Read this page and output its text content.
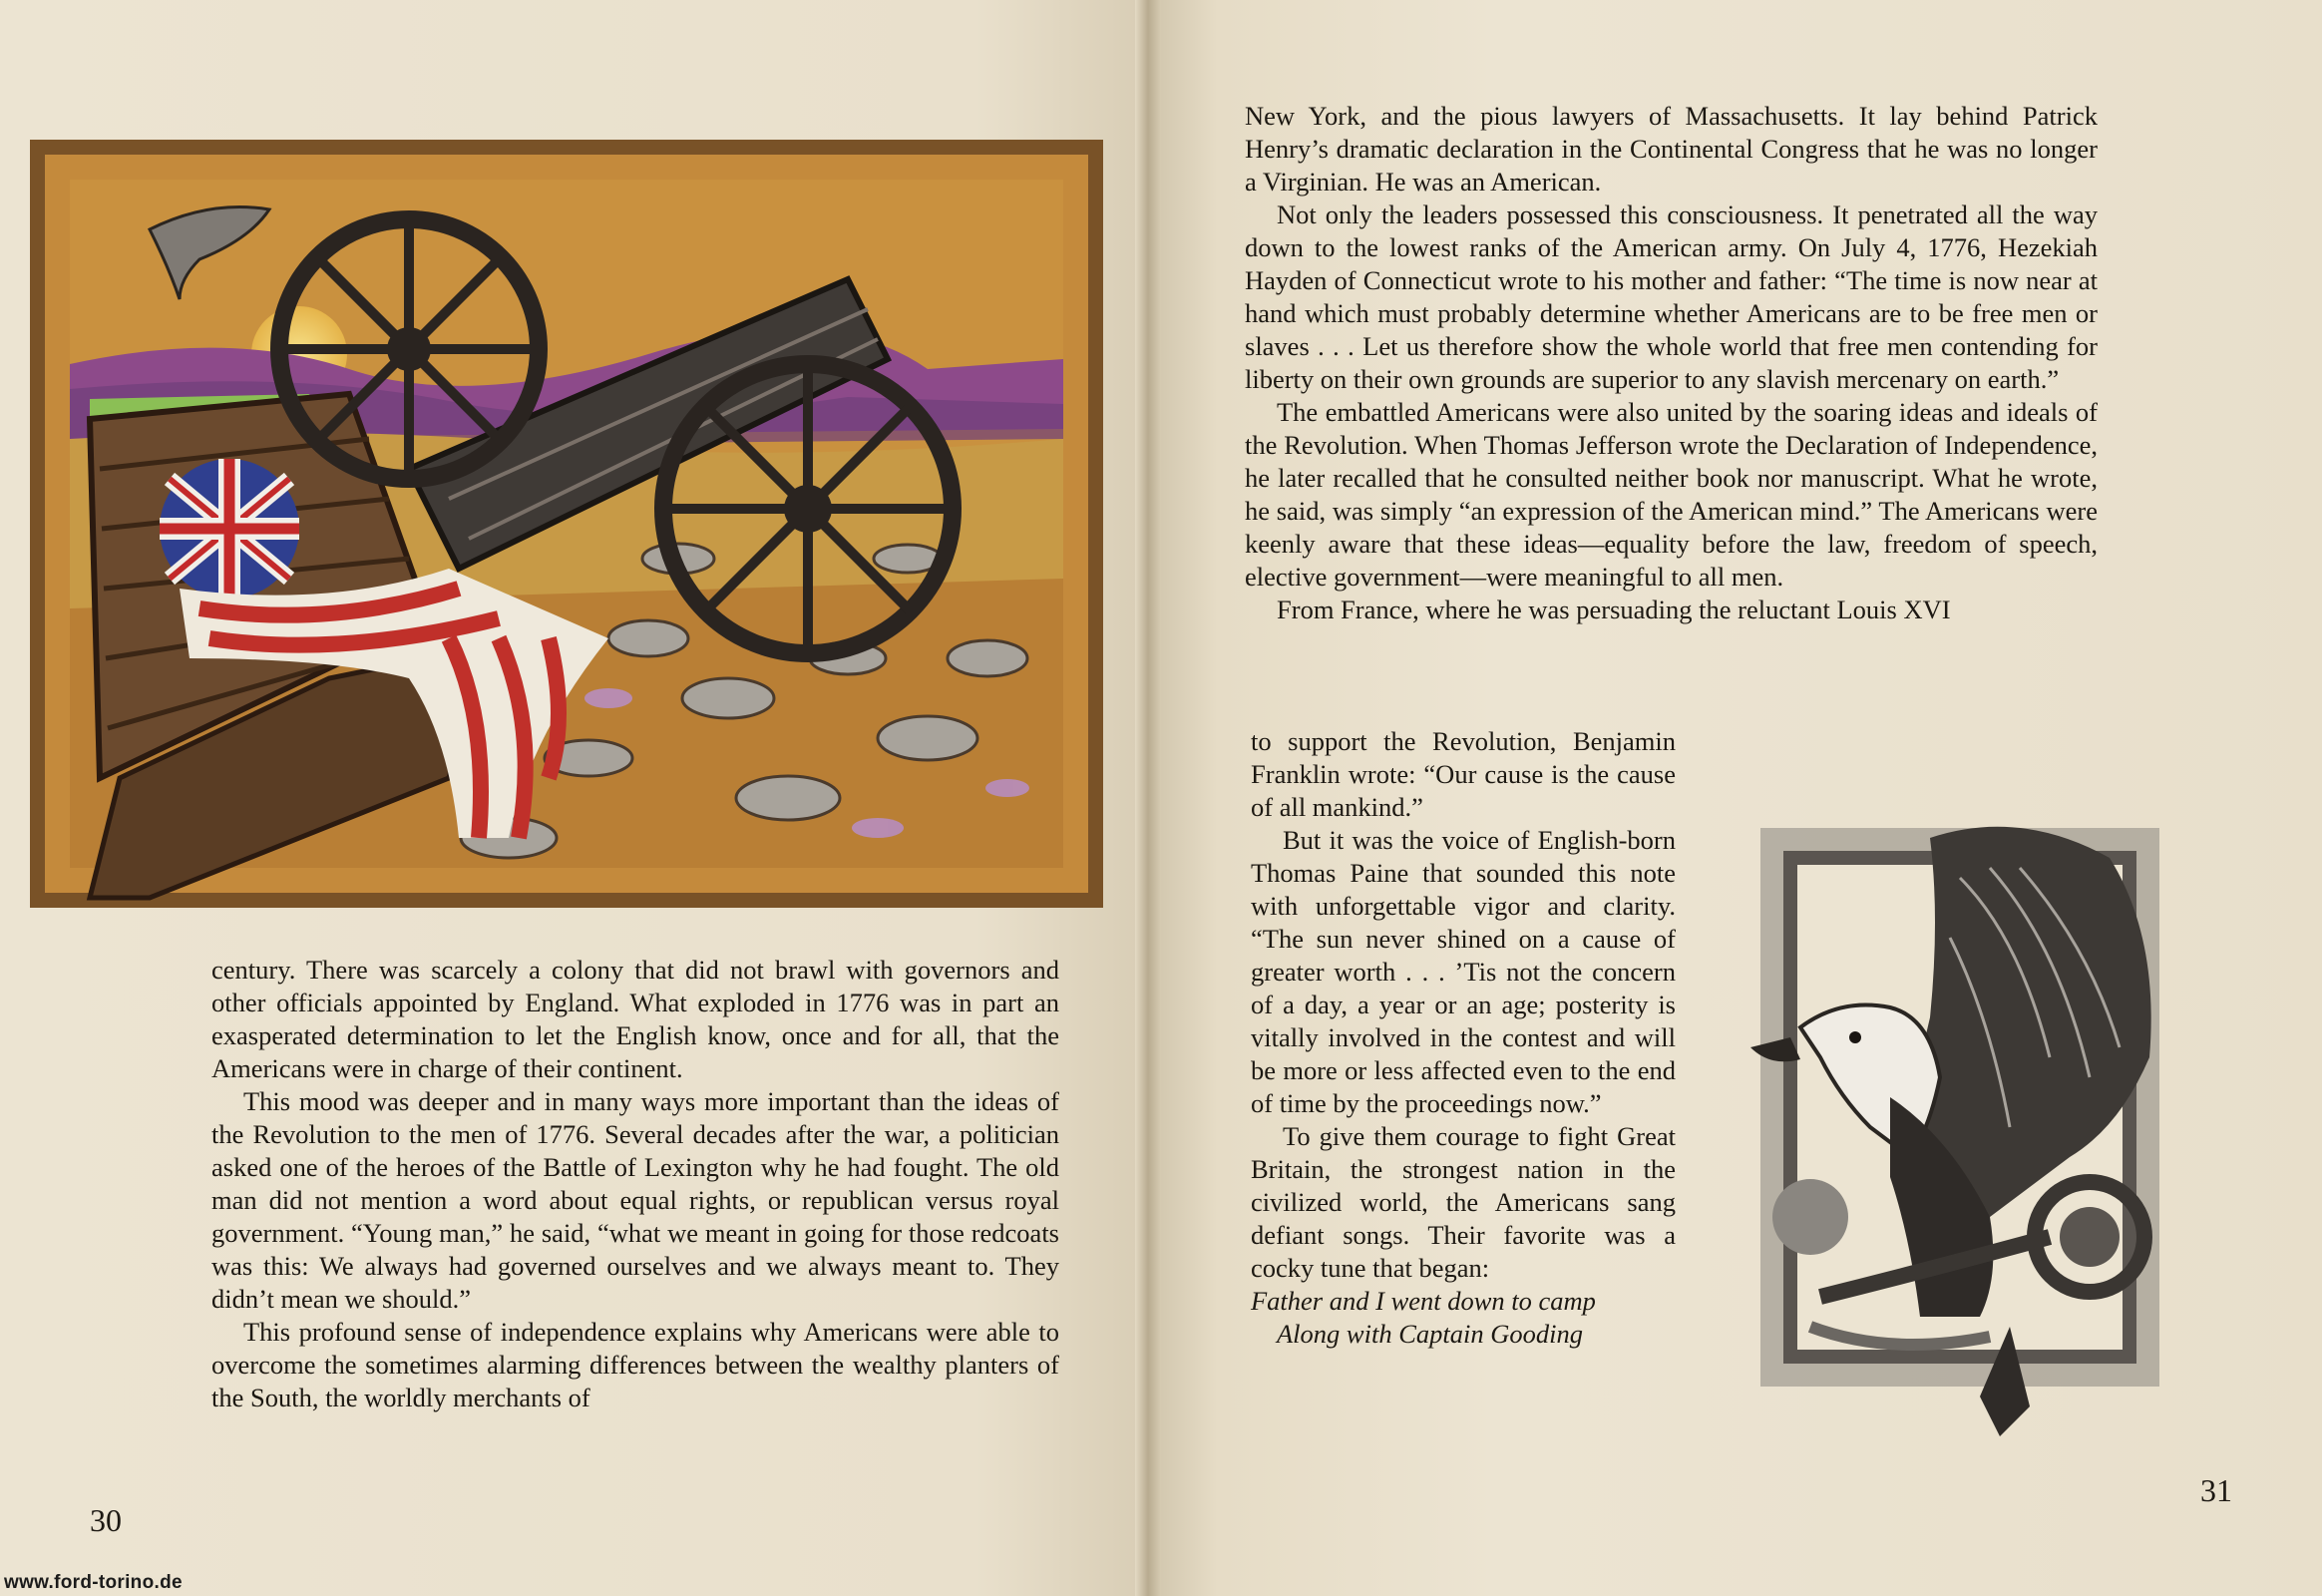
century. There was scarcely a colony that did not brawl with governors and other officials appointed by England. What exploded in 1776 was in part an exasperated determination to let the English know, once and for all, that the Americans were in charge of their continent.

This mood was deeper and in many ways more important than the ideas of the Revolution to the men of 1776. Several decades after the war, a politician asked one of the heroes of the Battle of Lexington why he had fought. The old man did not mention a word about equal rights, or republican versus royal government. “Young man,” he said, “what we meant in going for those redcoats was this: We always had governed ourselves and we always meant to. They didn’t mean we should.”

This profound sense of independence explains why Americans were able to overcome the sometimes alarming differences between the wealthy planters of the South, the worldly merchants of

30

New York, and the pious lawyers of Massachusetts. It lay behind Patrick Henry’s dramatic declaration in the Continental Congress that he was no longer a Virginian. He was an American.

Not only the leaders possessed this consciousness. It penetrated all the way down to the lowest ranks of the American army. On July 4, 1776, Hezekiah Hayden of Connecticut wrote to his mother and father: “The time is now near at hand which must probably determine whether Americans are to be free men or slaves . . . Let us therefore show the whole world that free men contending for liberty on their own grounds are superior to any slavish mercenary on earth.”

The embattled Americans were also united by the soaring ideas and ideals of the Revolution. When Thomas Jefferson wrote the Declaration of Independence, he later recalled that he consulted neither book nor manuscript. What he wrote, he said, was simply “an expression of the American mind.” The Americans were keenly aware that these ideas—equality before the law, freedom of speech, elective government—were meaningful to all men.

From France, where he was persuading the reluctant Louis XVI

to support the Revolution, Benjamin Franklin wrote: “Our cause is the cause of all mankind.”

But it was the voice of English-born Thomas Paine that sounded this note with unforgettable vigor and clarity. “The sun never shined on a cause of greater worth . . . ’Tis not the concern of a day, a year or an age; posterity is vitally involved in the contest and will be more or less affected even to the end of time by the proceedings now.”

To give them courage to fight Great Britain, the strongest nation in the civilized world, the Americans sang defiant songs. Their favorite was a cocky tune that began:

Father and I went down to camp

Along with Captain Gooding

31
www.ford-torino.de
